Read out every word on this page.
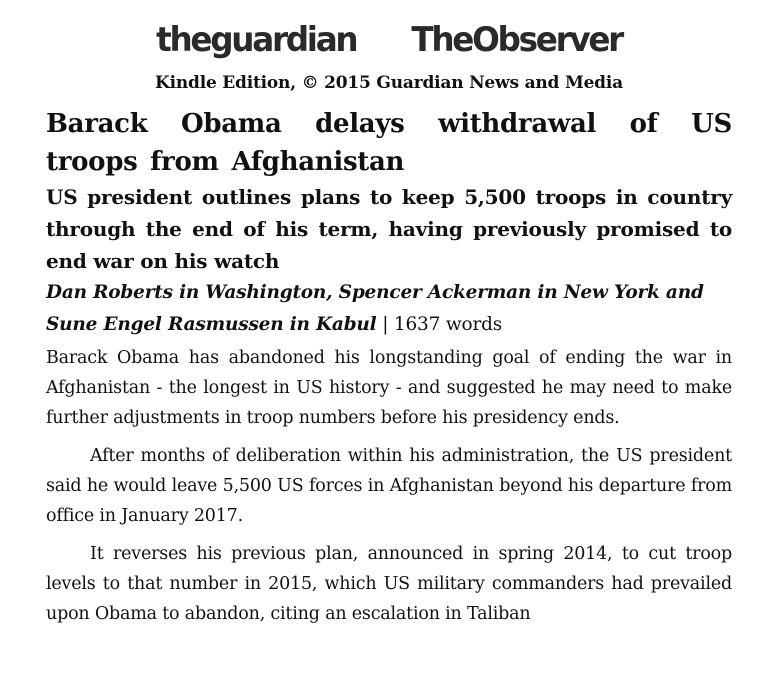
theguardian TheObserver
Kindle Edition, © 2015 Guardian News and Media
Barack Obama delays withdrawal of US troops from Afghanistan
US president outlines plans to keep 5,500 troops in country through the end of his term, having previously promised to end war on his watch
Dan Roberts in Washington, Spencer Ackerman in New York and Sune Engel Rasmussen in Kabul | 1637 words

Barack Obama has abandoned his longstanding goal of ending the war in Afghanistan - the longest in US history - and suggested he may need to make further adjustments in troop numbers before his presidency ends.

After months of deliberation within his administration, the US president said he would leave 5,500 US forces in Afghanistan beyond his departure from office in January 2017.

It reverses his previous plan, announced in spring 2014, to cut troop levels to that number in 2015, which US military commanders had prevailed upon Obama to abandon, citing an escalation in Taliban
